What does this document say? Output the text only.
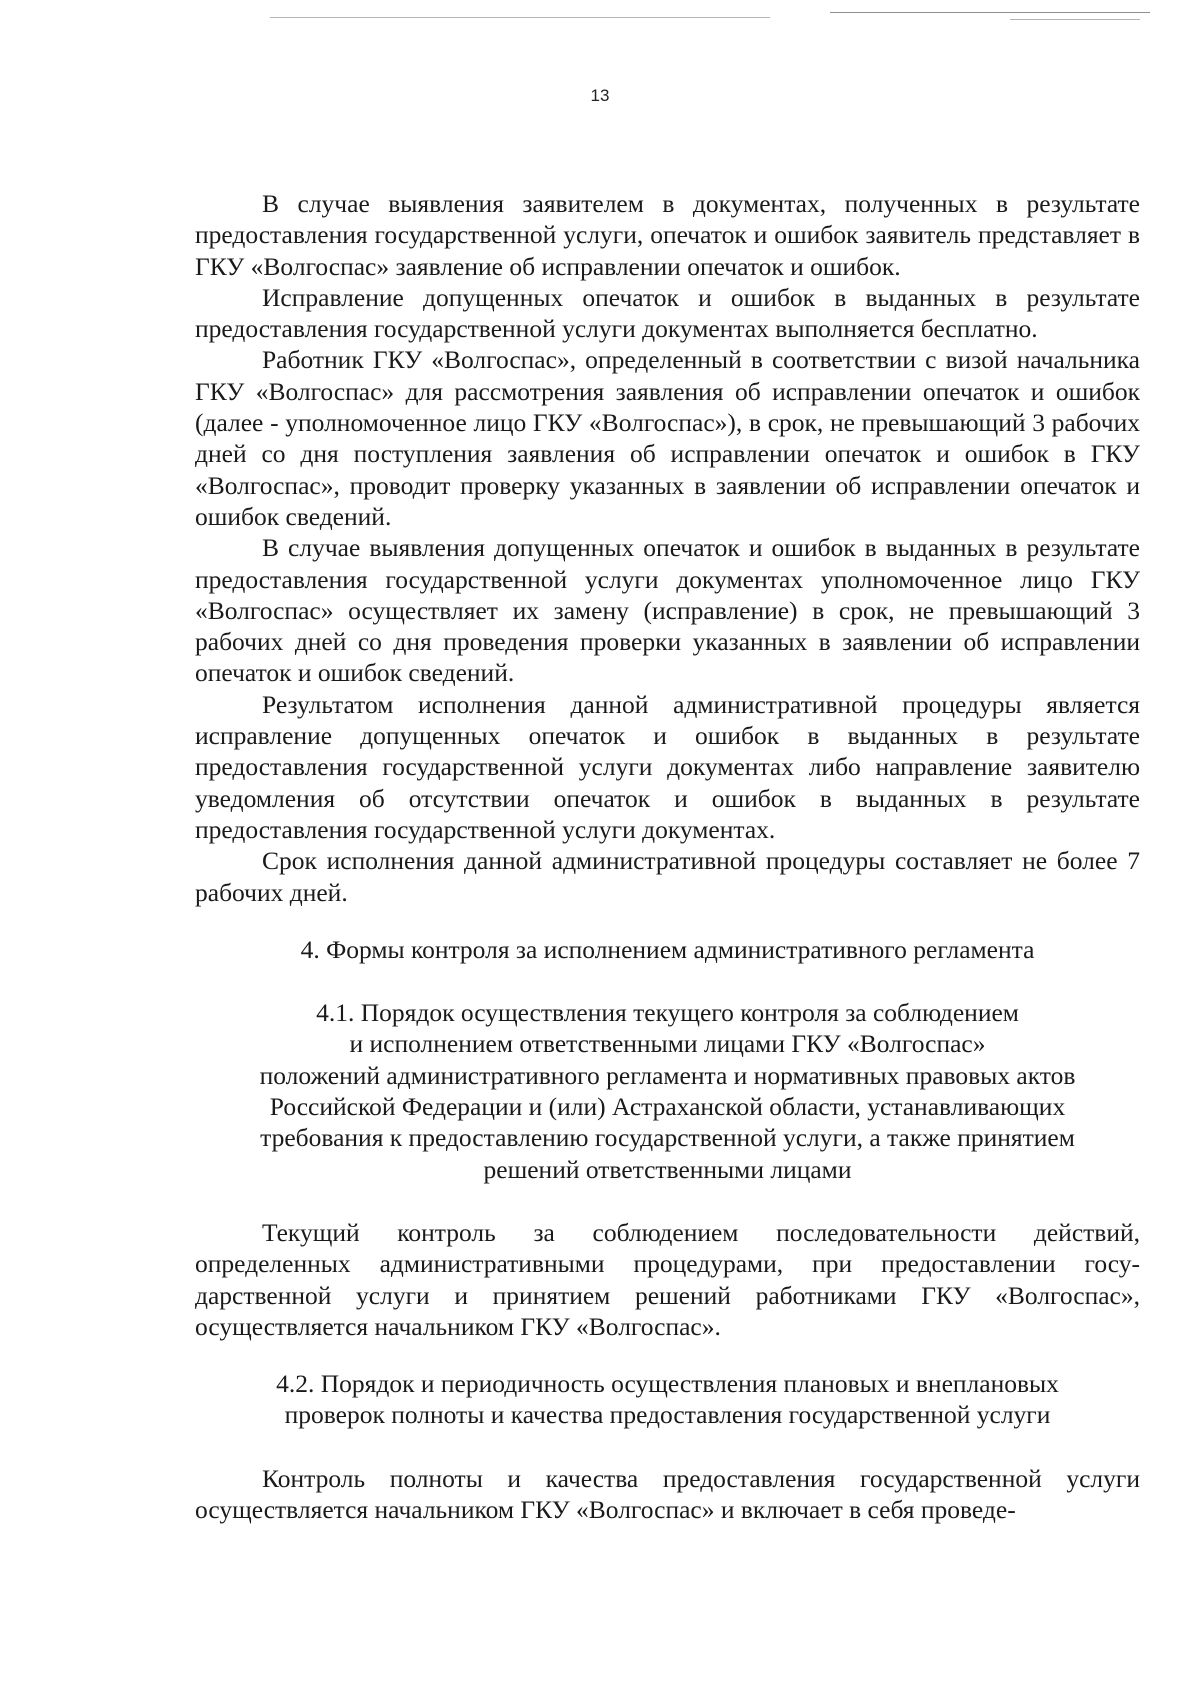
13

В случае выявления заявителем в документах, полученных в результате предоставления государственной услуги, опечаток и ошибок заявитель представляет в ГКУ «Волгоспас» заявление об исправлении опечаток и ошибок.

Исправление допущенных опечаток и ошибок в выданных в результате предоставления государственной услуги документах выполняется бесплатно.

Работник ГКУ «Волгоспас», определенный в соответствии с визой начальника ГКУ «Волгоспас» для рассмотрения заявления об исправлении опечаток и ошибок (далее - уполномоченное лицо ГКУ «Волгоспас»), в срок, не превышающий 3 рабочих дней со дня поступления заявления об исправлении опечаток и ошибок в ГКУ «Волгоспас», проводит проверку указанных в заявлении об исправлении опечаток и ошибок сведений.

В случае выявления допущенных опечаток и ошибок в выданных в результате предоставления государственной услуги документах уполномоченное лицо ГКУ «Волгоспас» осуществляет их замену (исправление) в срок, не превышающий 3 рабочих дней со дня проведения проверки указанных в заявлении об исправлении опечаток и ошибок сведений.

Результатом исполнения данной административной процедуры является исправление допущенных опечаток и ошибок в выданных в результате предоставления государственной услуги документах либо направление заявителю уведомления об отсутствии опечаток и ошибок в выданных в результате предоставления государственной услуги документах.

Срок исполнения данной административной процедуры составляет не более 7 рабочих дней.

4. Формы контроля за исполнением административного регламента

4.1. Порядок осуществления текущего контроля за соблюдением

и исполнением ответственными лицами ГКУ «Волгоспас»

положений административного регламента и нормативных правовых актов

Российской Федерации и (или) Астраханской области, устанавливающих

требования к предоставлению государственной услуги, а также принятием

решений ответственными лицами

Текущий контроль за соблюдением последовательности действий, определенных административными процедурами, при предоставлении государственной услуги и принятием решений работниками ГКУ «Волгоспас», осуществляется начальником ГКУ «Волгоспас».

4.2. Порядок и периодичность осуществления плановых и внеплановых

проверок полноты и качества предоставления государственной услуги

Контроль полноты и качества предоставления государственной услуги осуществляется начальником ГКУ «Волгоспас» и включает в себя проведе-
